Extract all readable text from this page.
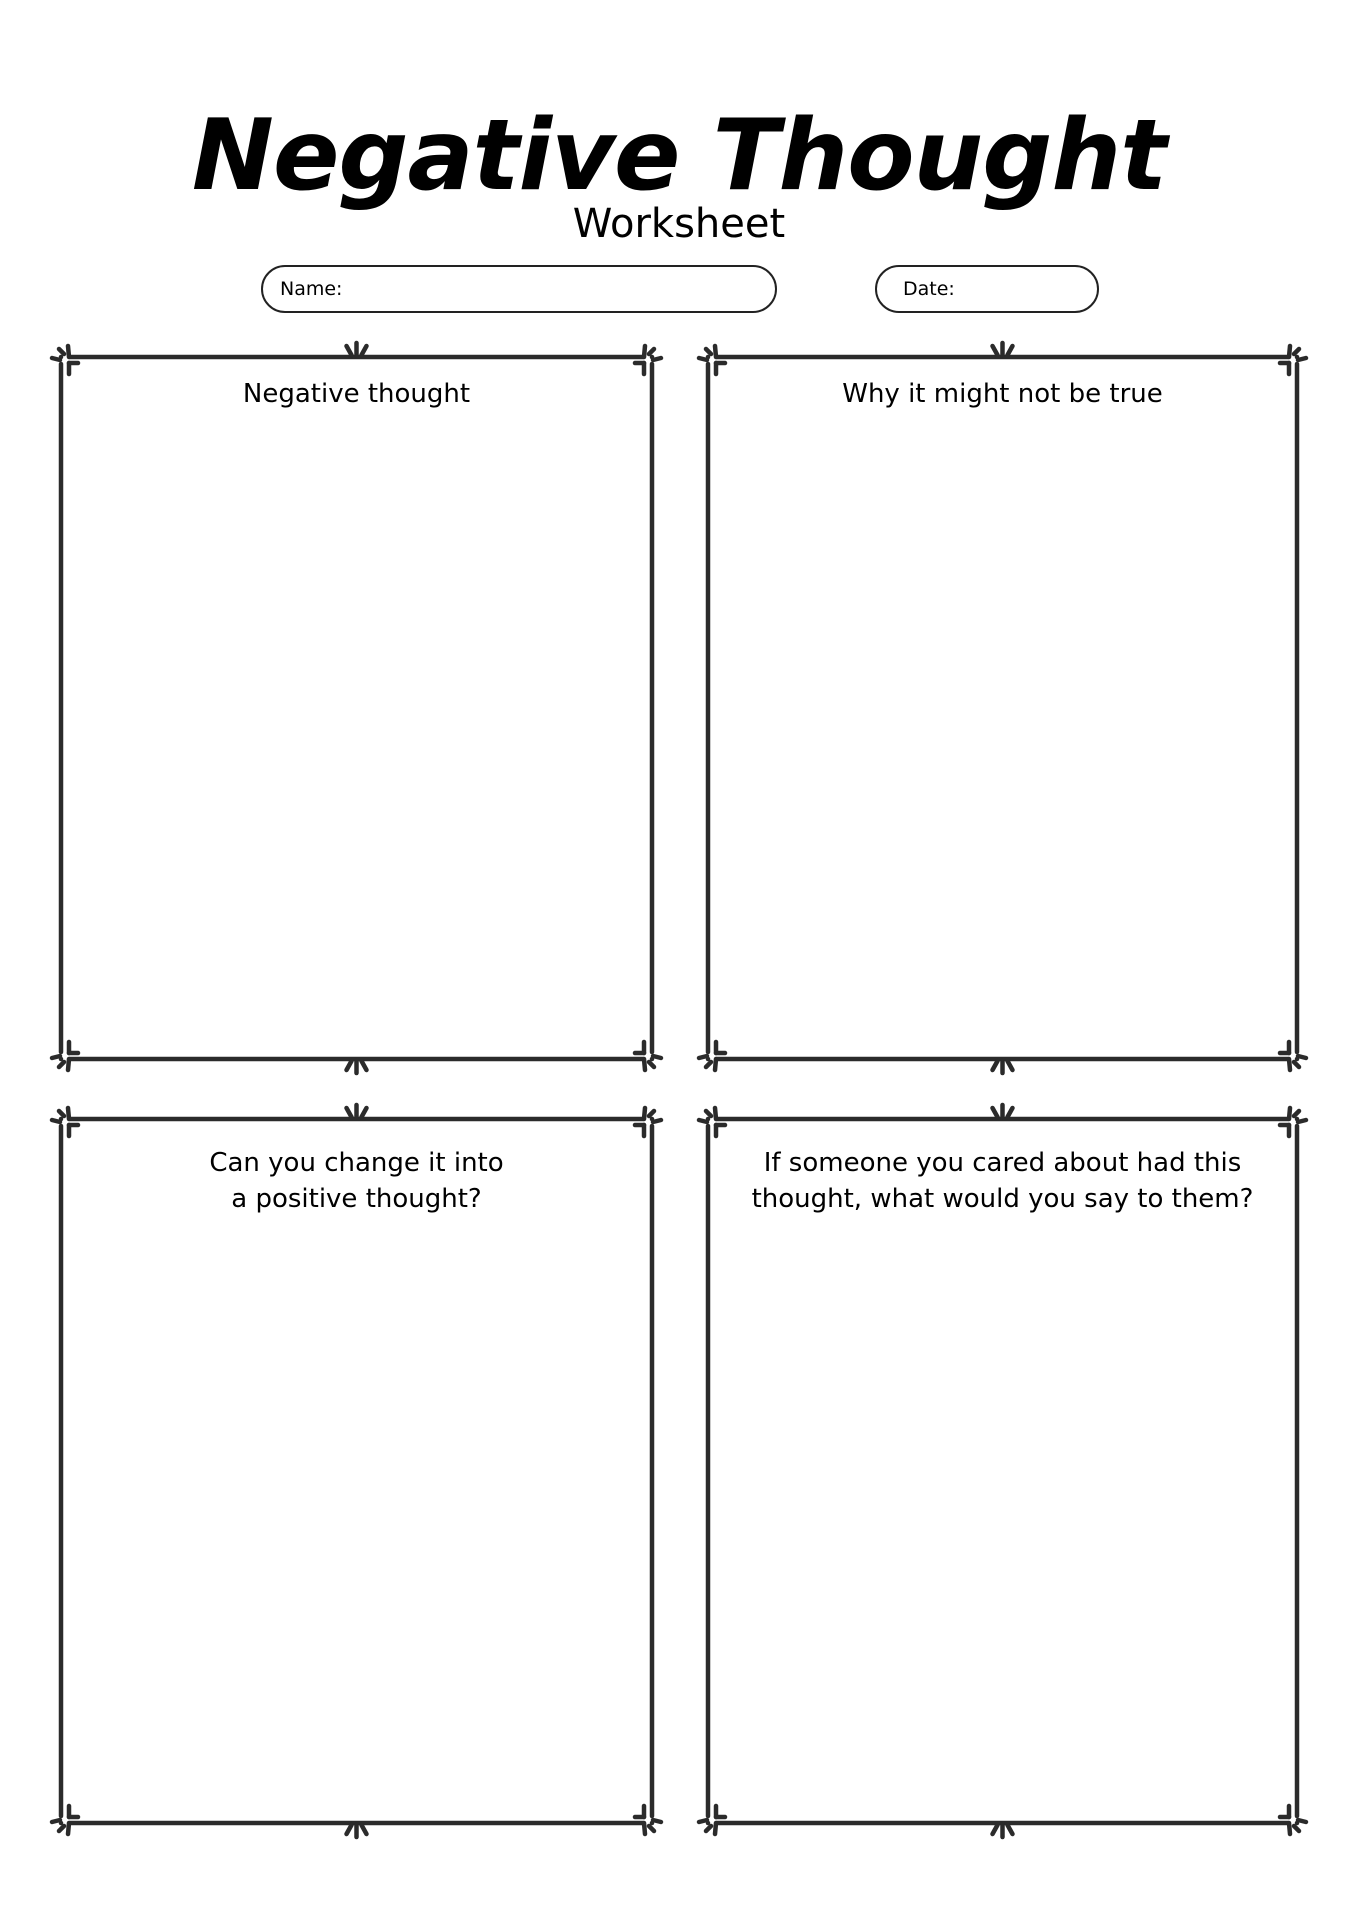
Negative Thought
Worksheet
Name:	Date:
Negative thought	Why it might not be true
Can you change it into
a positive thought?
If someone you cared about had this
thought, what would you say to them?
